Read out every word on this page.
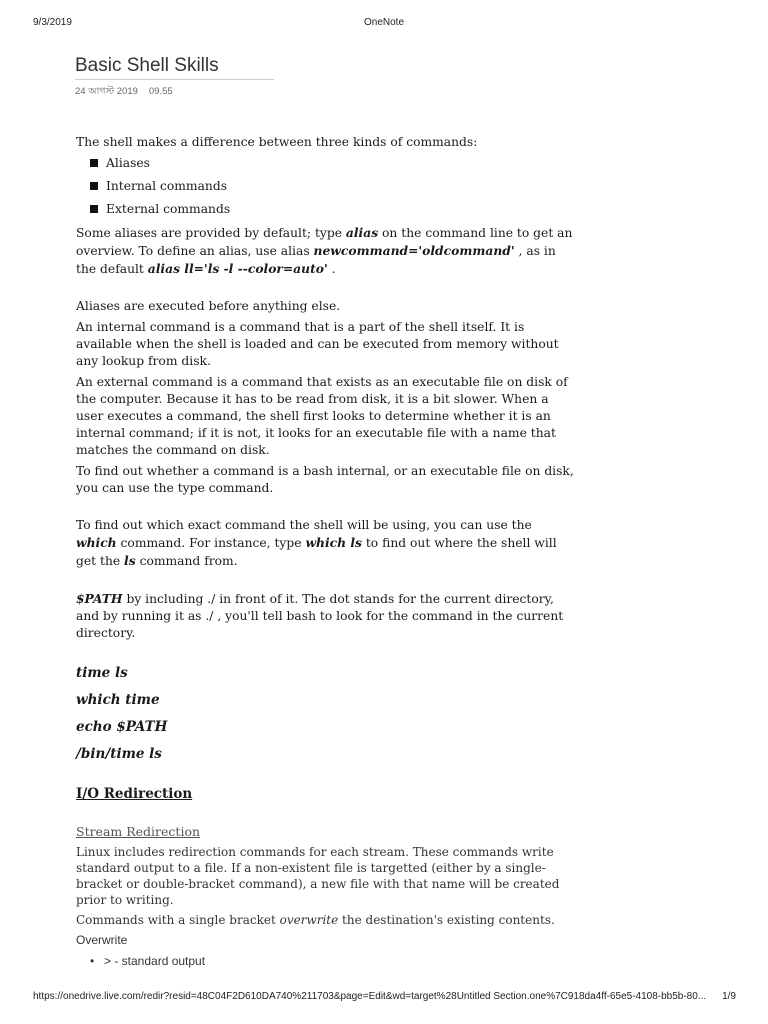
9/3/2019	OneNote
Basic Shell Skills
24 আগস্ট 2019 09.55

The shell makes a difference between three kinds of commands:

Aliases
Internal commands
External commands

Some aliases are provided by default; type alias on the command line to get an overview. To define an alias, use alias newcommand='oldcommand' , as in the default alias ll='ls -l --color=auto' .

Aliases are executed before anything else.

An internal command is a command that is a part of the shell itself. It is available when the shell is loaded and can be executed from memory without any lookup from disk.

An external command is a command that exists as an executable file on disk of the computer. Because it has to be read from disk, it is a bit slower. When a user executes a command, the shell first looks to determine whether it is an internal command; if it is not, it looks for an executable file with a name that matches the command on disk.

To find out whether a command is a bash internal, or an executable file on disk, you can use the type command.

To find out which exact command the shell will be using, you can use the which command. For instance, type which ls to find out where the shell will get the ls command from.

$PATH by including ./ in front of it. The dot stands for the current directory, and by running it as ./ , you'll tell bash to look for the command in the current directory.

time ls

which time

echo $PATH

/bin/time ls

I/O Redirection

Stream Redirection

Linux includes redirection commands for each stream. These commands write standard output to a file. If a non-existent file is targetted (either by a single-bracket or double-bracket command), a new file with that name will be created prior to writing.

Commands with a single bracket overwrite the destination's existing contents.

Overwrite

• > - standard output
https://onedrive.live.com/redir?resid=48C04F2D610DA740%211703&page=Edit&wd=target%28Untitled Section.one%7C918da4ff-65e5-4108-bb5b-80...	1/9
